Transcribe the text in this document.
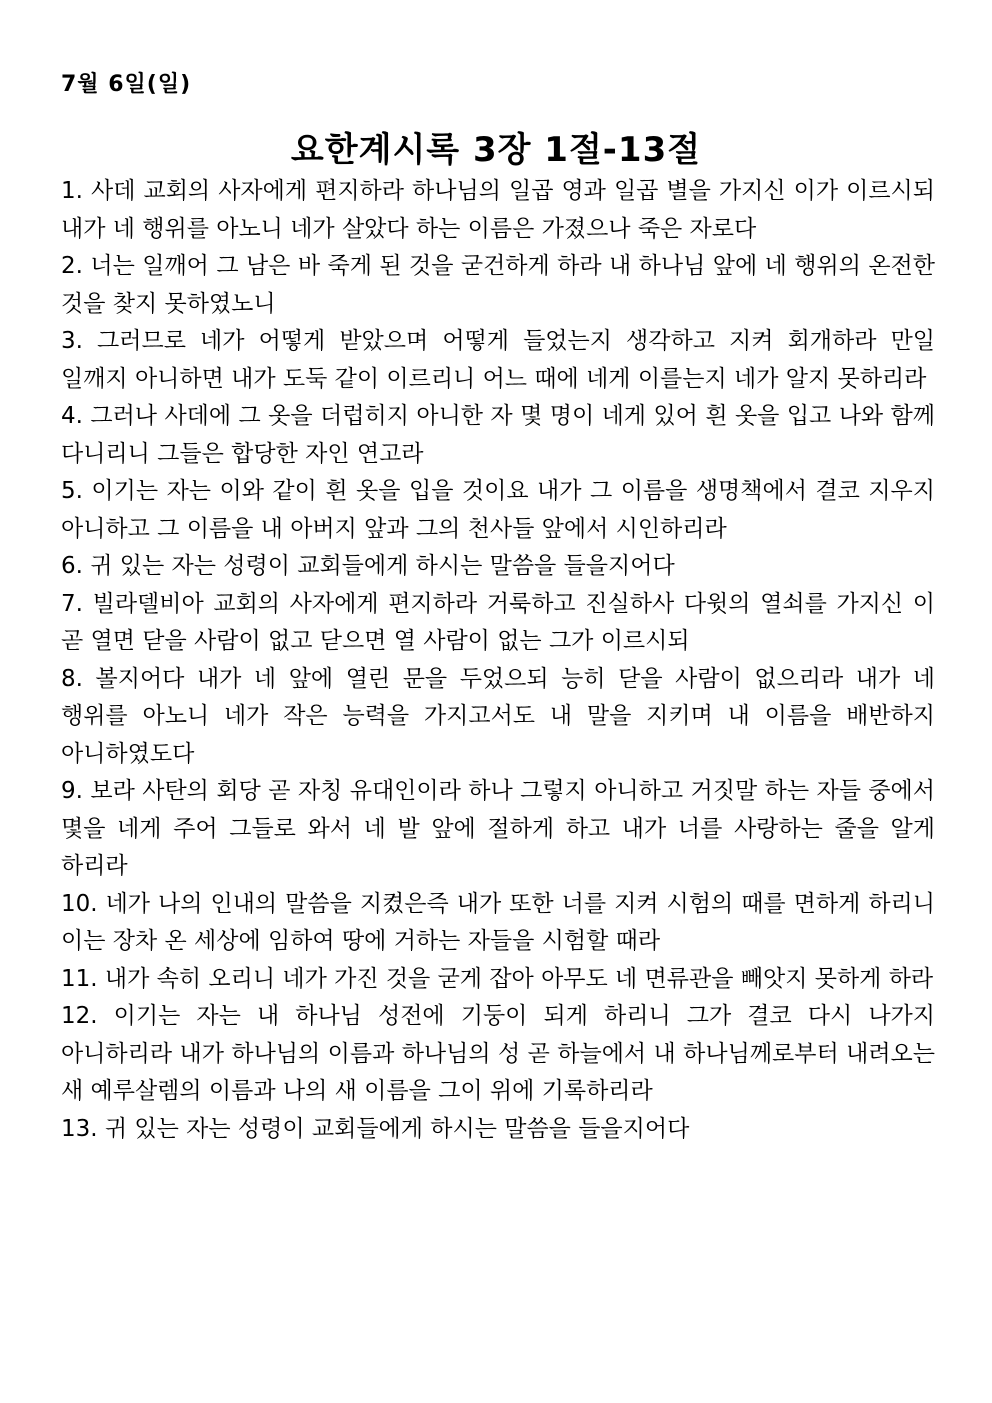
7월 6일(일)
요한계시록 3장 1절-13절

1. 사데 교회의 사자에게 편지하라 하나님의 일곱 영과 일곱 별을 가지신 이가 이르시되 내가 네 행위를 아노니 네가 살았다 하는 이름은 가졌으나 죽은 자로다

2. 너는 일깨어 그 남은 바 죽게 된 것을 굳건하게 하라 내 하나님 앞에 네 행위의 온전한 것을 찾지 못하였노니

3. 그러므로 네가 어떻게 받았으며 어떻게 들었는지 생각하고 지켜 회개하라 만일 일깨지 아니하면 내가 도둑 같이 이르리니 어느 때에 네게 이를는지 네가 알지 못하리라

4. 그러나 사데에 그 옷을 더럽히지 아니한 자 몇 명이 네게 있어 흰 옷을 입고 나와 함께 다니리니 그들은 합당한 자인 연고라

5. 이기는 자는 이와 같이 흰 옷을 입을 것이요 내가 그 이름을 생명책에서 결코 지우지 아니하고 그 이름을 내 아버지 앞과 그의 천사들 앞에서 시인하리라

6. 귀 있는 자는 성령이 교회들에게 하시는 말씀을 들을지어다

7. 빌라델비아 교회의 사자에게 편지하라 거룩하고 진실하사 다윗의 열쇠를 가지신 이 곧 열면 닫을 사람이 없고 닫으면 열 사람이 없는 그가 이르시되

8. 볼지어다 내가 네 앞에 열린 문을 두었으되 능히 닫을 사람이 없으리라 내가 네 행위를 아노니 네가 작은 능력을 가지고서도 내 말을 지키며 내 이름을 배반하지 아니하였도다

9. 보라 사탄의 회당 곧 자칭 유대인이라 하나 그렇지 아니하고 거짓말 하는 자들 중에서 몇을 네게 주어 그들로 와서 네 발 앞에 절하게 하고 내가 너를 사랑하는 줄을 알게 하리라

10. 네가 나의 인내의 말씀을 지켰은즉 내가 또한 너를 지켜 시험의 때를 면하게 하리니 이는 장차 온 세상에 임하여 땅에 거하는 자들을 시험할 때라

11. 내가 속히 오리니 네가 가진 것을 굳게 잡아 아무도 네 면류관을 빼앗지 못하게 하라

12. 이기는 자는 내 하나님 성전에 기둥이 되게 하리니 그가 결코 다시 나가지 아니하리라 내가 하나님의 이름과 하나님의 성 곧 하늘에서 내 하나님께로부터 내려오는 새 예루살렘의 이름과 나의 새 이름을 그이 위에 기록하리라

13. 귀 있는 자는 성령이 교회들에게 하시는 말씀을 들을지어다
